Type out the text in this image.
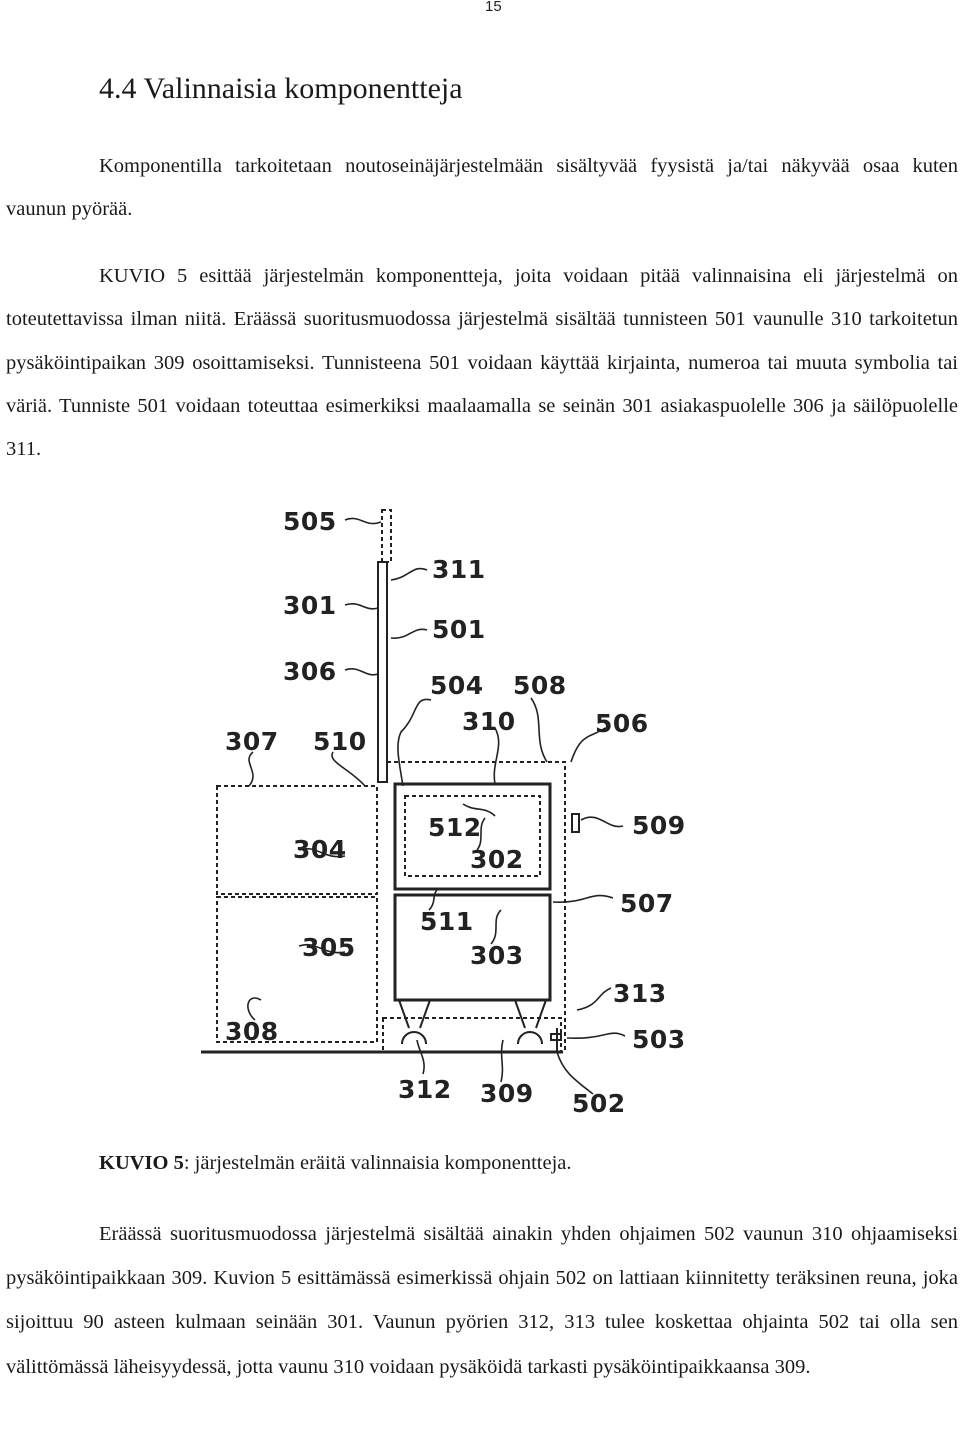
15
4.4 Valinnaisia komponentteja

Komponentilla tarkoitetaan noutoseinäjärjestelmään sisältyvää fyysistä ja/tai näkyvää osaa kuten vaunun pyörää.

KUVIO 5 esittää järjestelmän komponentteja, joita voidaan pitää valinnaisina eli järjestelmä on toteutettavissa ilman niitä. Eräässä suoritusmuodossa järjestelmä sisältää tunnisteen 501 vaunulle 310 tarkoitetun pysäköintipaikan 309 osoittamiseksi. Tunnisteena 501 voidaan käyttää kirjainta, numeroa tai muuta symbolia tai väriä. Tunniste 501 voidaan toteuttaa esimerkiksi maalaamalla se seinän 301 asiakaspuolelle 306 ja säilöpuolelle 311.

505
311
301
501
306	504 508
310	506
307 510
512	509
304	302
507
511
305	303
313
308	503
312 309 502

KUVIO 5: järjestelmän eräitä valinnaisia komponentteja.

Eräässä suoritusmuodossa järjestelmä sisältää ainakin yhden ohjaimen 502 vaunun 310 ohjaamiseksi pysäköintipaikkaan 309. Kuvion 5 esittämässä esimerkissä ohjain 502 on lattiaan kiinnitetty teräksinen reuna, joka sijoittuu 90 asteen kulmaan seinään 301. Vaunun pyörien 312, 313 tulee koskettaa ohjainta 502 tai olla sen välittömässä läheisyydessä, jotta vaunu 310 voidaan pysäköidä tarkasti pysäköintipaikkaansa 309.
